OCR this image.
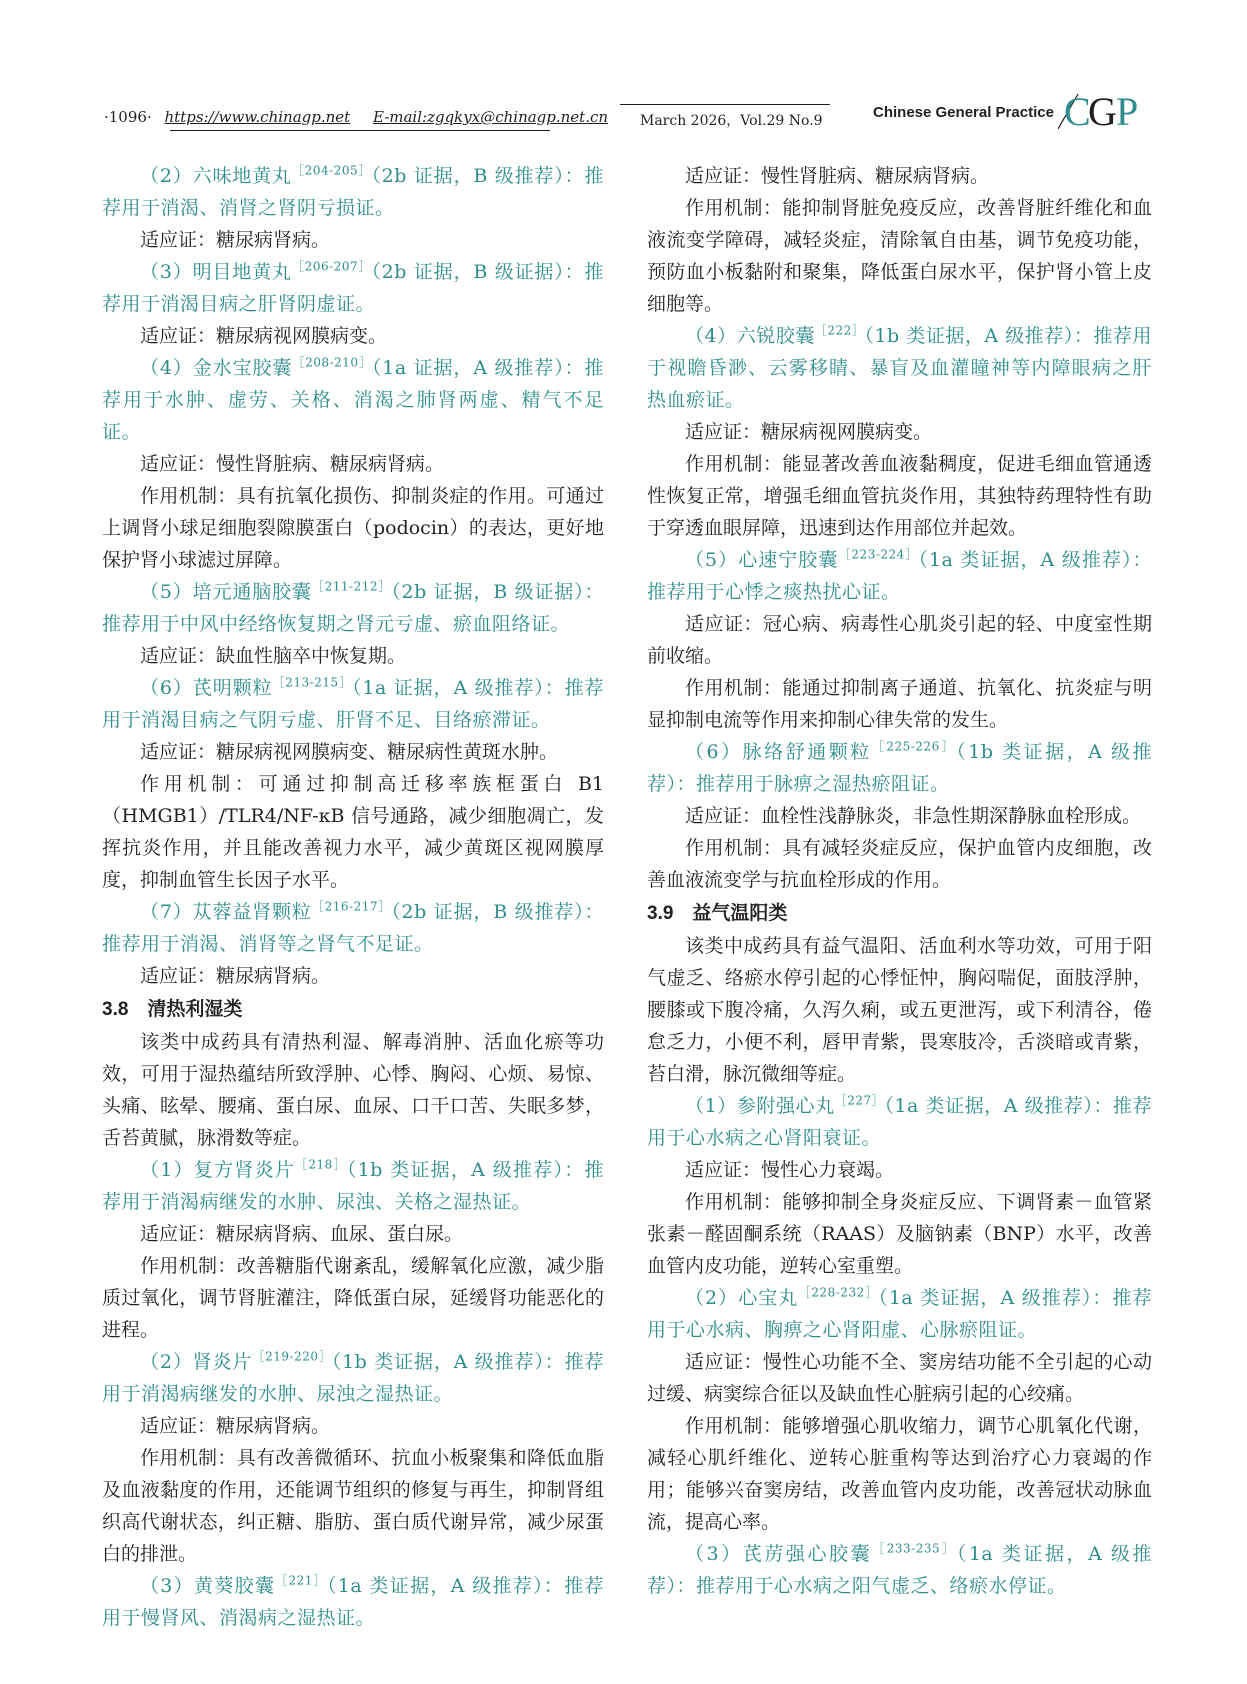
·1096· https://www.chinagp.net E-mail:zgqkyx@chinagp.net.cn March 2026，Vol.29 No.9	Chinese General Practice C
G P

（2）六味地黄丸$^{[204-205]}$（2b 证据，B 级推荐）：推荐用于消渴、消肾之肾阴亏损证。

适应证：糖尿病肾病。

（3）明目地黄丸$^{[206-207]}$（2b 证据，B 级证据）：推荐用于消渴目病之肝肾阴虚证。

适应证：糖尿病视网膜病变。

（4）金水宝胶囊$^{[208-210]}$（1a 证据，A 级推荐）：推荐用于水肿、虚劳、关格、消渴之肺肾两虚、精气不足证。

适应证：慢性肾脏病、糖尿病肾病。

作用机制：具有抗氧化损伤、抑制炎症的作用。可通过上调肾小球足细胞裂隙膜蛋白（podocin）的表达，更好地保护肾小球滤过屏障。

（5）培元通脑胶囊$^{[211-212]}$（2b 证据，B 级证据）：推荐用于中风中经络恢复期之肾元亏虚、瘀血阻络证。

适应证：缺血性脑卒中恢复期。

（6）芪明颗粒$^{[213-215]}$（1a 证据，A 级推荐）：推荐用于消渴目病之气阴亏虚、肝肾不足、目络瘀滞证。

适应证：糖尿病视网膜病变、糖尿病性黄斑水肿。

作用机制：可通过抑制高迁移率族框蛋白 B1（HMGB1）/TLR4/NF-κB 信号通路，减少细胞凋亡，发挥抗炎作用，并且能改善视力水平，减少黄斑区视网膜厚度，抑制血管生长因子水平。

（7）苁蓉益肾颗粒$^{[216-217]}$（2b 证据，B 级推荐）：推荐用于消渴、消肾等之肾气不足证。

适应证：糖尿病肾病。

3.8　清热利湿类

该类中成药具有清热利湿、解毒消肿、活血化瘀等功效，可用于湿热蕴结所致浮肿、心悸、胸闷、心烦、易惊、头痛、眩晕、腰痛、蛋白尿、血尿、口干口苦、失眠多梦，舌苔黄腻，脉滑数等症。

（1）复方肾炎片$^{[218]}$（1b 类证据，A 级推荐）：推荐用于消渴病继发的水肿、尿浊、关格之湿热证。

适应证：糖尿病肾病、血尿、蛋白尿。

作用机制：改善糖脂代谢紊乱，缓解氧化应激，减少脂质过氧化，调节肾脏灌注，降低蛋白尿，延缓肾功能恶化的进程。

（2）肾炎片$^{[219-220]}$（1b 类证据，A 级推荐）：推荐用于消渴病继发的水肿、尿浊之湿热证。

适应证：糖尿病肾病。

作用机制：具有改善微循环、抗血小板聚集和降低血脂及血液黏度的作用，还能调节组织的修复与再生，抑制肾组织高代谢状态，纠正糖、脂肪、蛋白质代谢异常，减少尿蛋白的排泄。

（3）黄葵胶囊$^{[221]}$（1a 类证据，A 级推荐）：推荐用于慢肾风、消渴病之湿热证。

适应证：慢性肾脏病、糖尿病肾病。

作用机制：能抑制肾脏免疫反应，改善肾脏纤维化和血液流变学障碍，减轻炎症，清除氧自由基，调节免疫功能，预防血小板黏附和聚集，降低蛋白尿水平，保护肾小管上皮细胞等。

（4）六锐胶囊$^{[222]}$（1b 类证据，A 级推荐）：推荐用于视瞻昏渺、云雾移睛、暴盲及血灌瞳神等内障眼病之肝热血瘀证。

适应证：糖尿病视网膜病变。

作用机制：能显著改善血液黏稠度，促进毛细血管通透性恢复正常，增强毛细血管抗炎作用，其独特药理特性有助于穿透血眼屏障，迅速到达作用部位并起效。

（5）心速宁胶囊$^{[223-224]}$（1a 类证据，A 级推荐）：推荐用于心悸之痰热扰心证。

适应证：冠心病、病毒性心肌炎引起的轻、中度室性期前收缩。

作用机制：能通过抑制离子通道、抗氧化、抗炎症与明显抑制电流等作用来抑制心律失常的发生。

（6）脉络舒通颗粒$^{[225-226]}$（1b 类证据，A 级推荐）：推荐用于脉痹之湿热瘀阻证。

适应证：血栓性浅静脉炎，非急性期深静脉血栓形成。

作用机制：具有减轻炎症反应，保护血管内皮细胞，改善血液流变学与抗血栓形成的作用。

3.9　益气温阳类

该类中成药具有益气温阳、活血利水等功效，可用于阳气虚乏、络瘀水停引起的心悸怔忡，胸闷喘促，面肢浮肿，腰膝或下腹冷痛，久泻久痢，或五更泄泻，或下利清谷，倦怠乏力，小便不利，唇甲青紫，畏寒肢冷，舌淡暗或青紫，苔白滑，脉沉微细等症。

（1）参附强心丸$^{[227]}$（1a 类证据，A 级推荐）：推荐用于心水病之心肾阳衰证。

适应证：慢性心力衰竭。

作用机制：能够抑制全身炎症反应、下调肾素－血管紧张素－醛固酮系统（RAAS）及脑钠素（BNP）水平，改善血管内皮功能，逆转心室重塑。

（2）心宝丸$^{[228-232]}$（1a 类证据，A 级推荐）：推荐用于心水病、胸痹之心肾阳虚、心脉瘀阻证。

适应证：慢性心功能不全、窦房结功能不全引起的心动过缓、病窦综合征以及缺血性心脏病引起的心绞痛。

作用机制：能够增强心肌收缩力，调节心肌氧化代谢，减轻心肌纤维化、逆转心脏重构等达到治疗心力衰竭的作用；能够兴奋窦房结，改善血管内皮功能，改善冠状动脉血流，提高心率。

（3）芪苈强心胶囊$^{[233-235]}$（1a 类证据，A 级推荐）：推荐用于心水病之阳气虚乏、络瘀水停证。
